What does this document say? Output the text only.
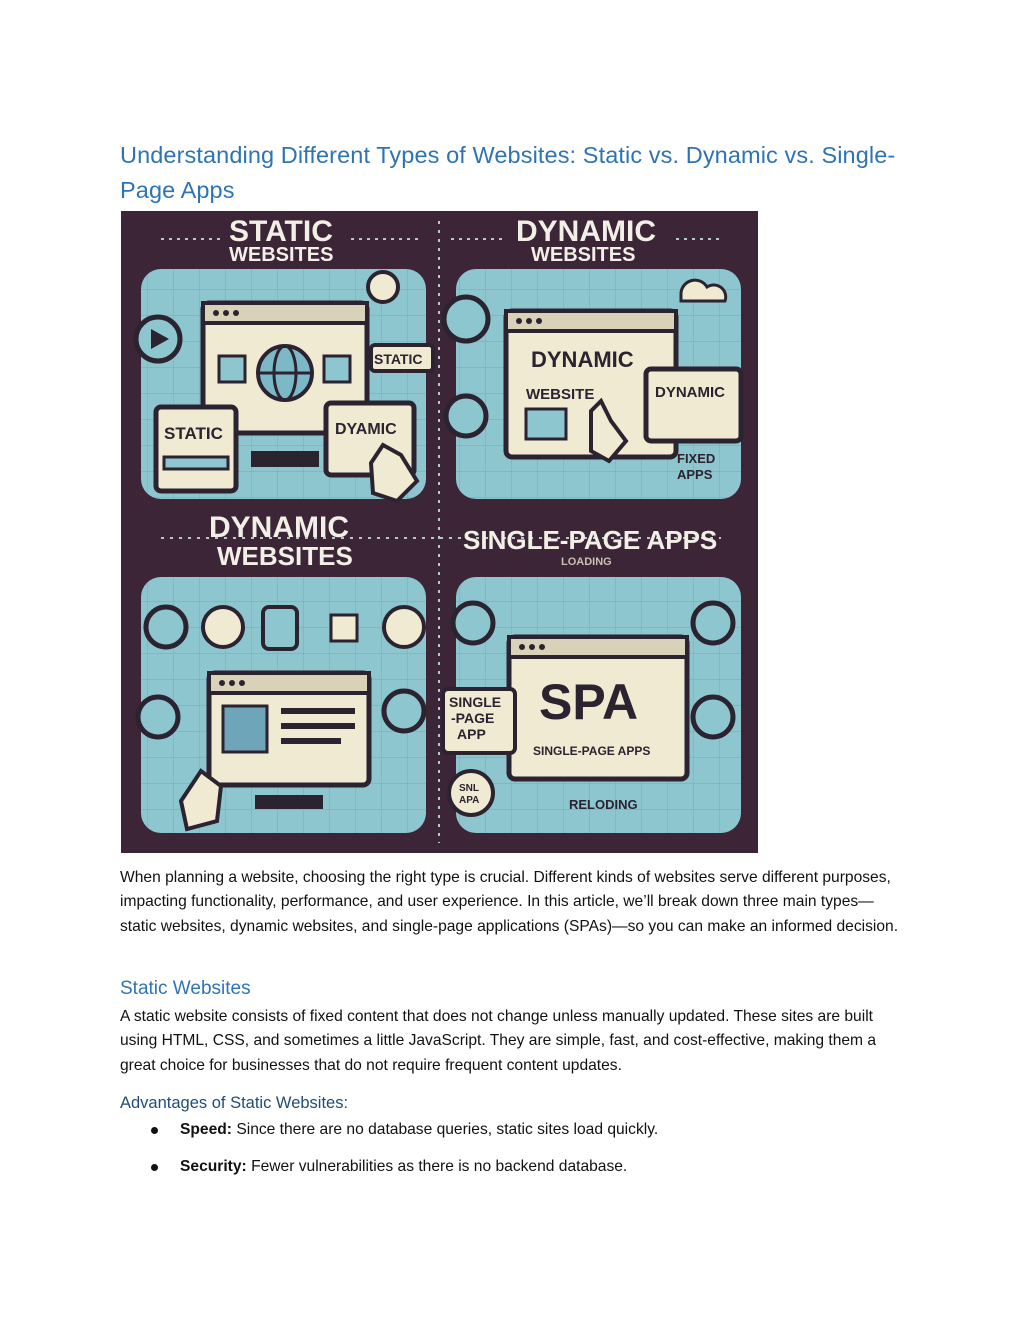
Understanding Different Types of Websites: Static vs. Dynamic vs. Single-Page Apps
STATIC
WEBSITES
STATIC
STATIC	DYAMIC
DYNAMIC
WEBSITES
DYNAMIC
WEBSITE	DYNAMIC
FIXED
APPS
DYNAMIC
WEBSITES
SINGLE-PAGE APPS
LOADING
SPA
SINGLE-PAGE APPS
SINGLE
-PAGE
APP
SNL
APA	RELODING

When planning a website, choosing the right type is crucial. Different kinds of websites serve different purposes, impacting functionality, performance, and user experience. In this article, we’ll break down three main types—static websites, dynamic websites, and single-page applications (SPAs)—so you can make an informed decision.

Static Websites

A static website consists of fixed content that does not change unless manually updated. These sites are built using HTML, CSS, and sometimes a little JavaScript. They are simple, fast, and cost-effective, making them a great choice for businesses that do not require frequent content updates.

Advantages of Static Websites:
Speed: Since there are no database queries, static sites load quickly.
Security: Fewer vulnerabilities as there is no backend database.
